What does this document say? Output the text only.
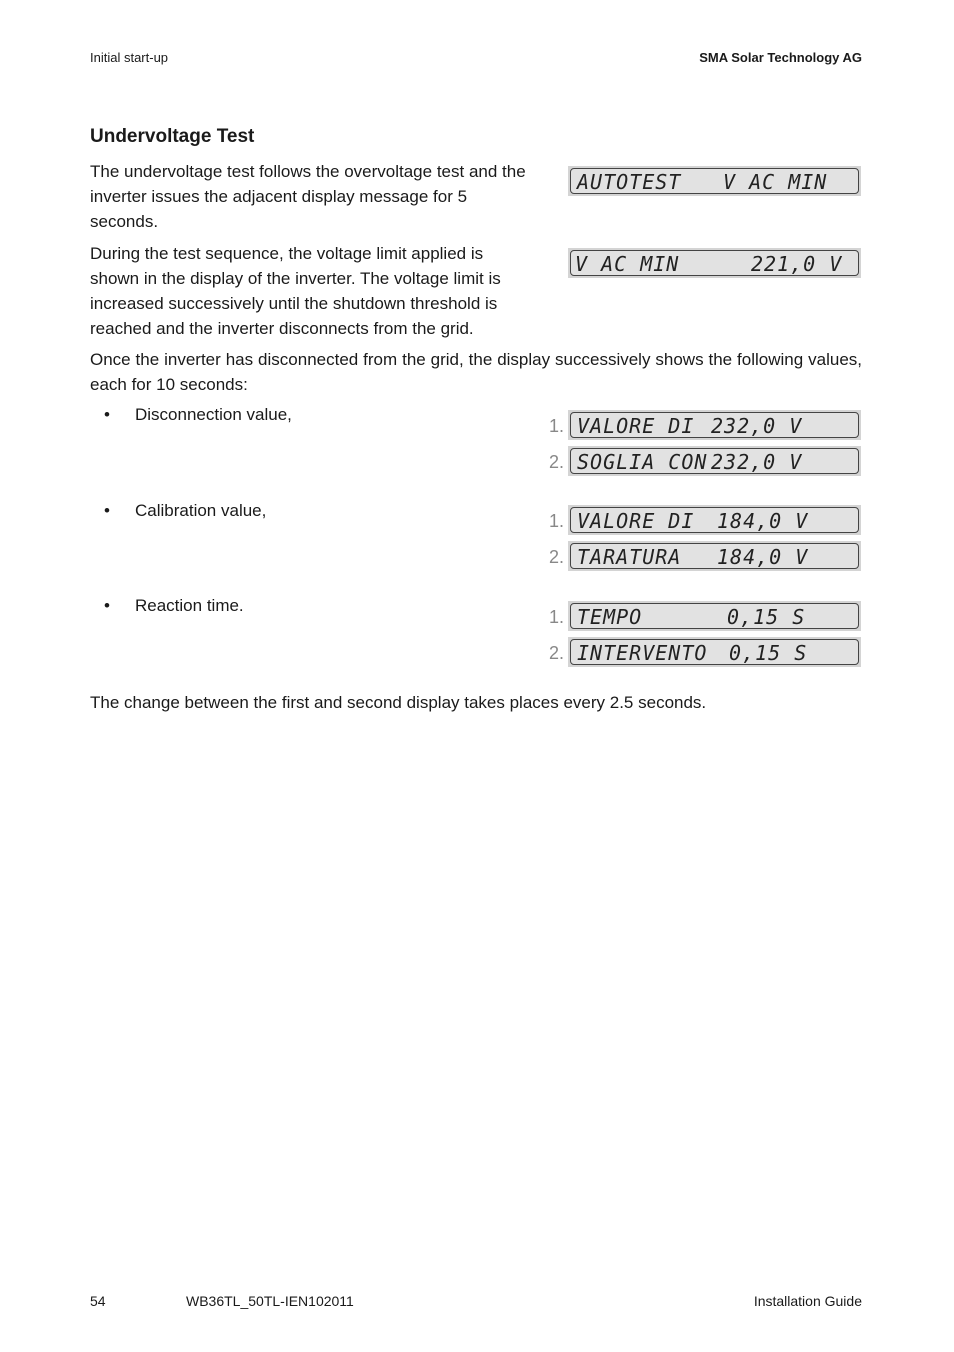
Initial start-up	SMA Solar Technology AG
Undervoltage Test
The undervoltage test follows the overvoltage test and the inverter issues the adjacent display message for 5 seconds.
During the test sequence, the voltage limit applied is shown in the display of the inverter. The voltage limit is increased successively until the shutdown threshold is reached and the inverter disconnects from the grid.
Once the inverter has disconnected from the grid, the display successively shows the following values, each for 10 seconds:
AUTOTEST V AC MIN
V AC MIN	221,0 V
• Disconnection value,
1. VALORE DI 232,0 V
2. SOGLIA CON 232,0 V
• Calibration value,
1. VALORE DI 184,0 V
2. TARATURA 184,0 V
• Reaction time.
1. TEMPO	0,15 S
2. INTERVENTO 0,15 S
The change between the first and second display takes places every 2.5 seconds.
54	WB36TL_50TL-IEN102011	Installation Guide
